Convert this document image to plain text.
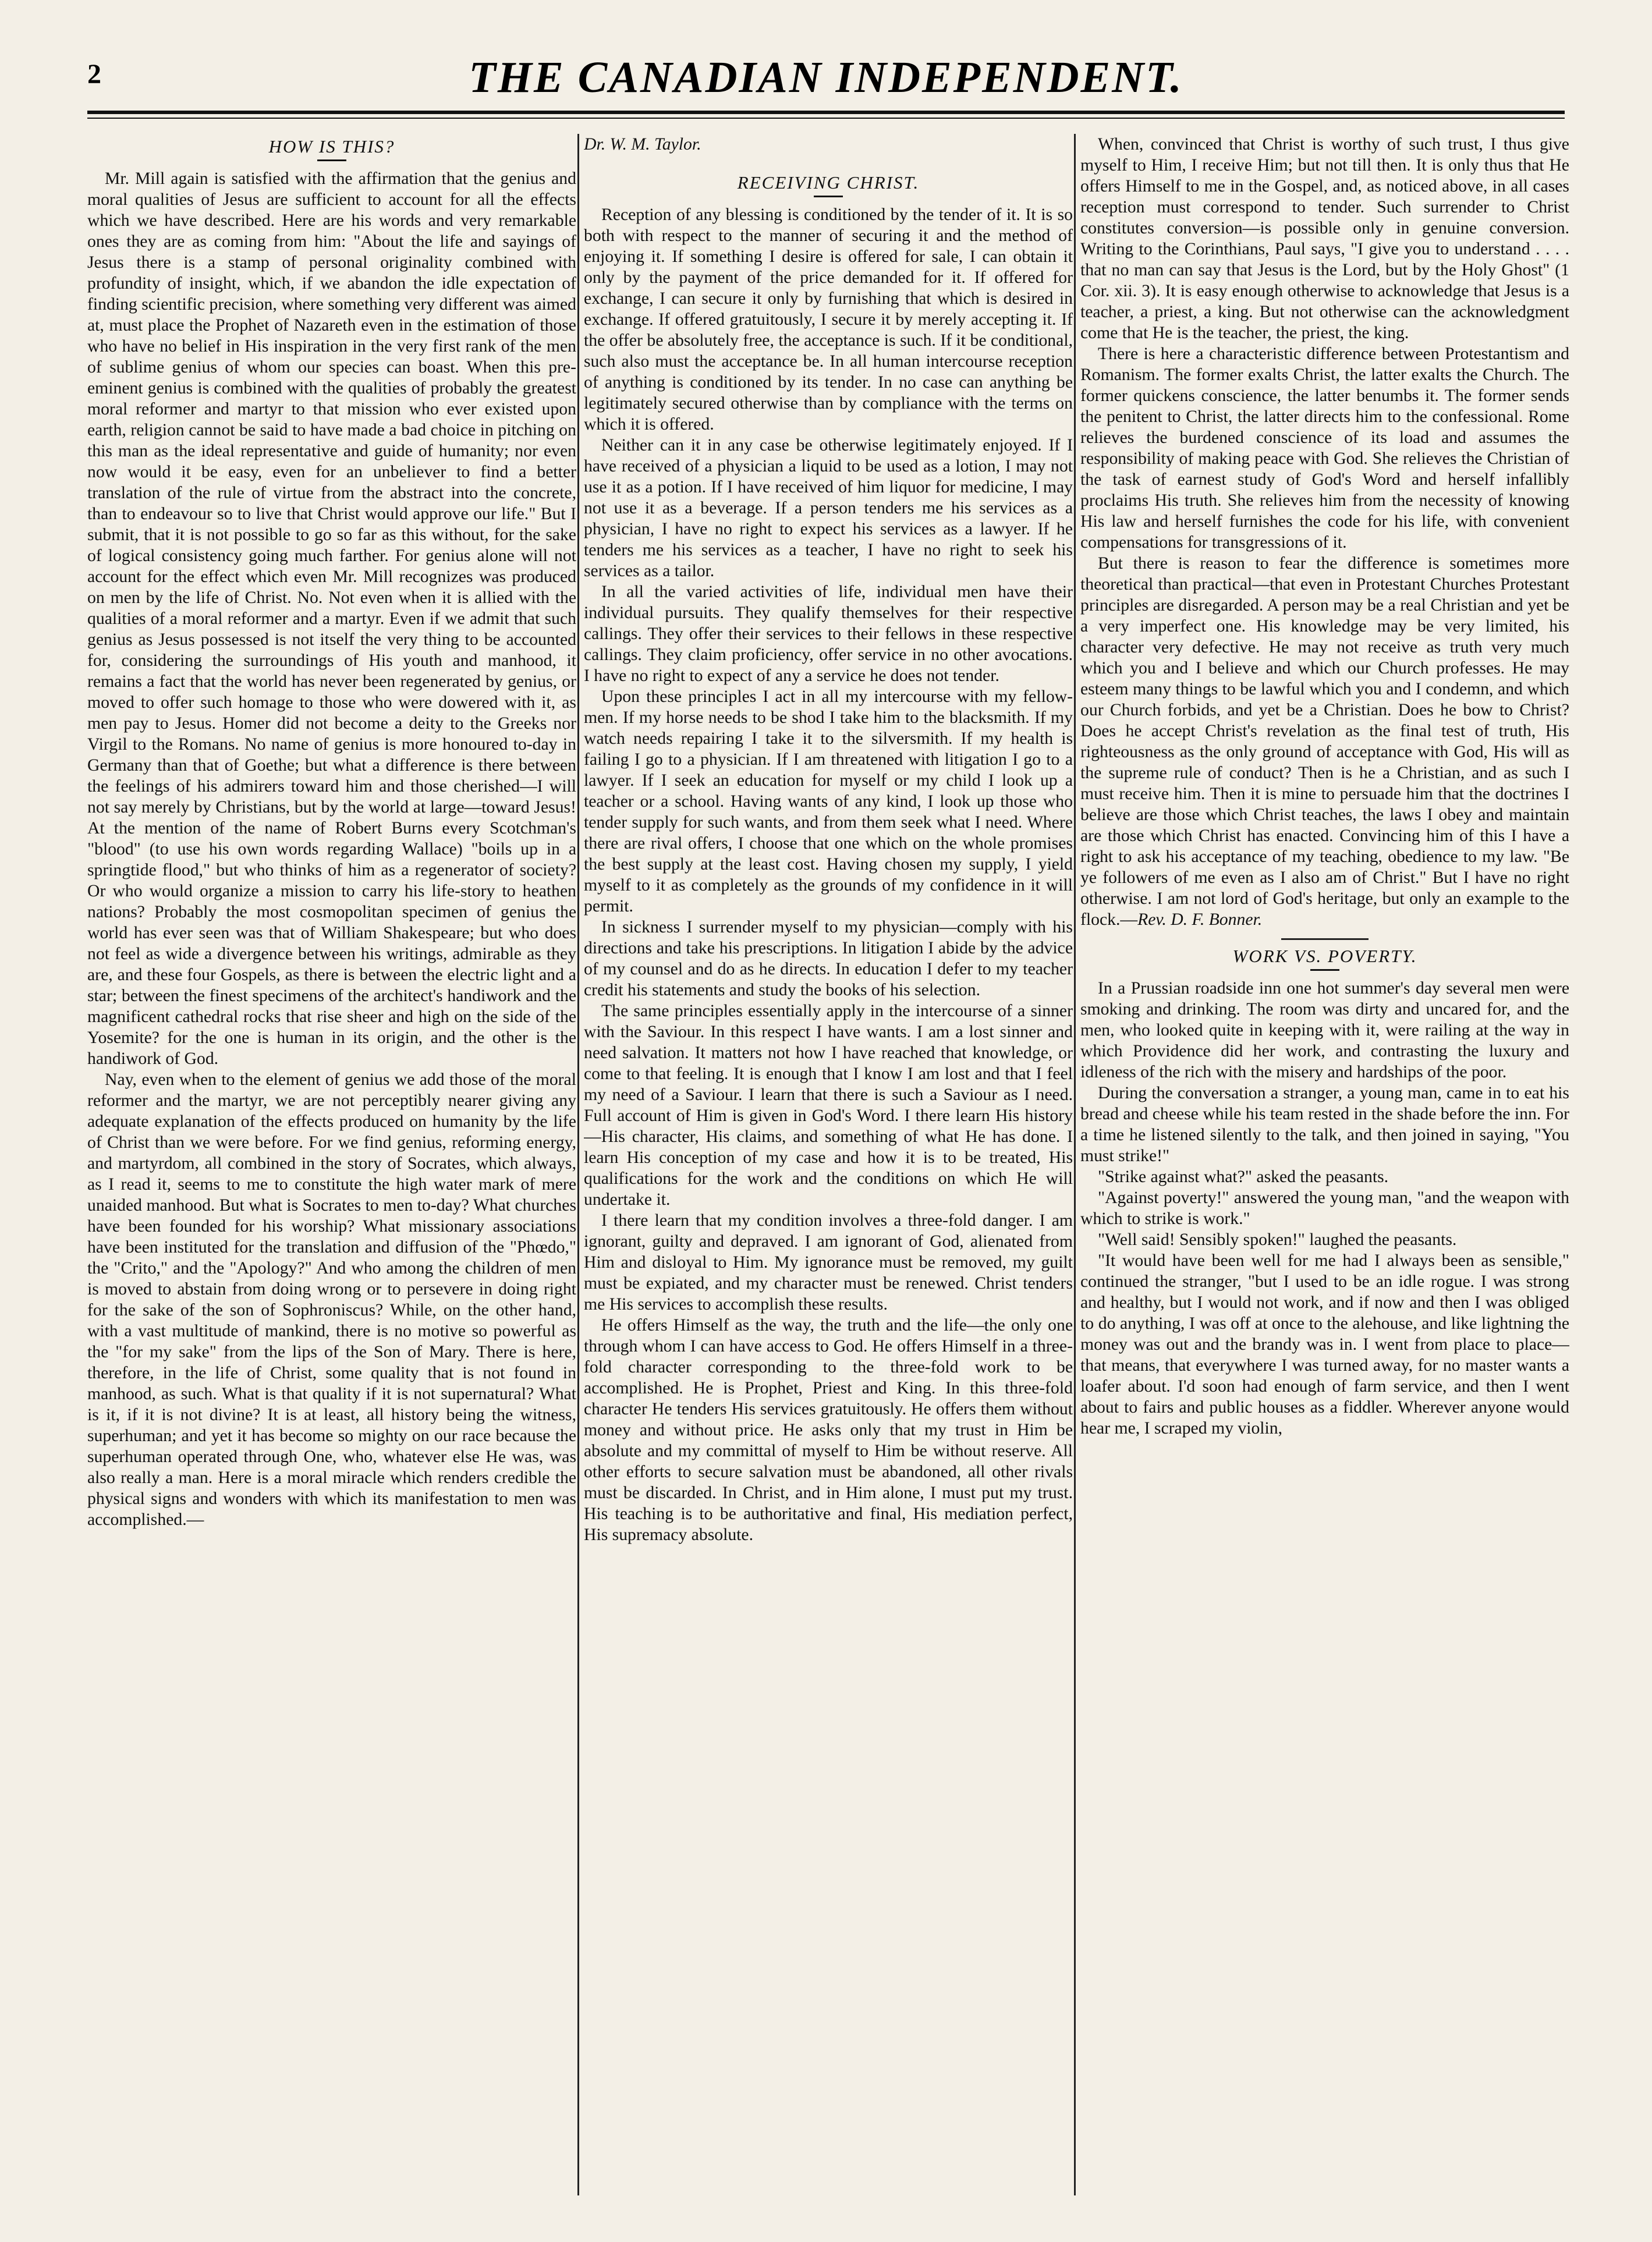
2	THE CANADIAN INDEPENDENT.
HOW IS THIS?

Mr. Mill again is satisfied with the affirmation that the genius and moral qualities of Jesus are sufficient to account for all the effects which we have described. Here are his words and very remarkable ones they are as coming from him: "About the life and sayings of Jesus there is a stamp of personal originality combined with profundity of insight, which, if we abandon the idle expectation of finding scientific precision, where something very different was aimed at, must place the Prophet of Nazareth even in the estimation of those who have no belief in His inspiration in the very first rank of the men of sublime genius of whom our species can boast. When this pre-eminent genius is combined with the qualities of probably the greatest moral reformer and martyr to that mission who ever existed upon earth, religion cannot be said to have made a bad choice in pitching on this man as the ideal representative and guide of humanity; nor even now would it be easy, even for an unbeliever to find a better translation of the rule of virtue from the abstract into the concrete, than to endeavour so to live that Christ would approve our life." But I submit, that it is not possible to go so far as this without, for the sake of logical consistency going much farther. For genius alone will not account for the effect which even Mr. Mill recognizes was produced on men by the life of Christ. No. Not even when it is allied with the qualities of a moral reformer and a martyr. Even if we admit that such genius as Jesus possessed is not itself the very thing to be accounted for, considering the surroundings of His youth and manhood, it remains a fact that the world has never been regenerated by genius, or moved to offer such homage to those who were dowered with it, as men pay to Jesus. Homer did not become a deity to the Greeks nor Virgil to the Romans. No name of genius is more honoured to-day in Germany than that of Goethe; but what a difference is there between the feelings of his admirers toward him and those cherished—I will not say merely by Christians, but by the world at large—toward Jesus! At the mention of the name of Robert Burns every Scotchman's "blood" (to use his own words regarding Wallace) "boils up in a springtide flood," but who thinks of him as a regenerator of society? Or who would organize a mission to carry his life-story to heathen nations? Probably the most cosmopolitan specimen of genius the world has ever seen was that of William Shakespeare; but who does not feel as wide a divergence between his writings, admirable as they are, and these four Gospels, as there is between the electric light and a star; between the finest specimens of the architect's handiwork and the magnificent cathedral rocks that rise sheer and high on the side of the Yosemite? for the one is human in its origin, and the other is the handiwork of God.

Nay, even when to the element of genius we add those of the moral reformer and the martyr, we are not perceptibly nearer giving any adequate explanation of the effects produced on humanity by the life of Christ than we were before. For we find genius, reforming energy, and martyrdom, all combined in the story of Socrates, which always, as I read it, seems to me to constitute the high water mark of mere unaided manhood. But what is Socrates to men to-day? What churches have been founded for his worship? What missionary associations have been instituted for the translation and diffusion of the "Phœdo," the "Crito," and the "Apology?" And who among the children of men is moved to abstain from doing wrong or to persevere in doing right for the sake of the son of Sophroniscus? While, on the other hand, with a vast multitude of mankind, there is no motive so powerful as the "for my sake" from the lips of the Son of Mary. There is here, therefore, in the life of Christ, some quality that is not found in manhood, as such. What is that quality if it is not supernatural? What is it, if it is not divine? It is at least, all history being the witness, superhuman; and yet it has become so mighty on our race because the superhuman operated through One, who, whatever else He was, was also really a man. Here is a moral miracle which renders credible the physical signs and wonders with which its manifestation to men was accomplished.—

Dr. W. M. Taylor.

RECEIVING CHRIST.

Reception of any blessing is conditioned by the tender of it. It is so both with respect to the manner of securing it and the method of enjoying it. If something I desire is offered for sale, I can obtain it only by the payment of the price demanded for it. If offered for exchange, I can secure it only by furnishing that which is desired in exchange. If offered gratuitously, I secure it by merely accepting it. If the offer be absolutely free, the acceptance is such. If it be conditional, such also must the acceptance be. In all human intercourse reception of anything is conditioned by its tender. In no case can anything be legitimately secured otherwise than by compliance with the terms on which it is offered.

Neither can it in any case be otherwise legitimately enjoyed. If I have received of a physician a liquid to be used as a lotion, I may not use it as a potion. If I have received of him liquor for medicine, I may not use it as a beverage. If a person tenders me his services as a physician, I have no right to expect his services as a lawyer. If he tenders me his services as a teacher, I have no right to seek his services as a tailor.

In all the varied activities of life, individual men have their individual pursuits. They qualify themselves for their respective callings. They offer their services to their fellows in these respective callings. They claim proficiency, offer service in no other avocations. I have no right to expect of any a service he does not tender.

Upon these principles I act in all my intercourse with my fellow-men. If my horse needs to be shod I take him to the blacksmith. If my watch needs repairing I take it to the silversmith. If my health is failing I go to a physician. If I am threatened with litigation I go to a lawyer. If I seek an education for myself or my child I look up a teacher or a school. Having wants of any kind, I look up those who tender supply for such wants, and from them seek what I need. Where there are rival offers, I choose that one which on the whole promises the best supply at the least cost. Having chosen my supply, I yield myself to it as completely as the grounds of my confidence in it will permit.

In sickness I surrender myself to my physician—comply with his directions and take his prescriptions. In litigation I abide by the advice of my counsel and do as he directs. In education I defer to my teacher credit his statements and study the books of his selection.

The same principles essentially apply in the intercourse of a sinner with the Saviour. In this respect I have wants. I am a lost sinner and need salvation. It matters not how I have reached that knowledge, or come to that feeling. It is enough that I know I am lost and that I feel my need of a Saviour. I learn that there is such a Saviour as I need. Full account of Him is given in God's Word. I there learn His history—His character, His claims, and something of what He has done. I learn His conception of my case and how it is to be treated, His qualifications for the work and the conditions on which He will undertake it.

I there learn that my condition involves a three-fold danger. I am ignorant, guilty and depraved. I am ignorant of God, alienated from Him and disloyal to Him. My ignorance must be removed, my guilt must be expiated, and my character must be renewed. Christ tenders me His services to accomplish these results.

He offers Himself as the way, the truth and the life—the only one through whom I can have access to God. He offers Himself in a three-fold character corresponding to the three-fold work to be accomplished. He is Prophet, Priest and King. In this three-fold character He tenders His services gratuitously. He offers them without money and without price. He asks only that my trust in Him be absolute and my committal of myself to Him be without reserve. All other efforts to secure salvation must be abandoned, all other rivals must be discarded. In Christ, and in Him alone, I must put my trust. His teaching is to be authoritative and final, His mediation perfect, His supremacy absolute.

When, convinced that Christ is worthy of such trust, I thus give myself to Him, I receive Him; but not till then. It is only thus that He offers Himself to me in the Gospel, and, as noticed above, in all cases reception must correspond to tender. Such surrender to Christ constitutes conversion—is possible only in genuine conversion. Writing to the Corinthians, Paul says, "I give you to understand . . . . that no man can say that Jesus is the Lord, but by the Holy Ghost" (1 Cor. xii. 3). It is easy enough otherwise to acknowledge that Jesus is a teacher, a priest, a king. But not otherwise can the acknowledgment come that He is the teacher, the priest, the king.

There is here a characteristic difference between Protestantism and Romanism. The former exalts Christ, the latter exalts the Church. The former quickens conscience, the latter benumbs it. The former sends the penitent to Christ, the latter directs him to the confessional. Rome relieves the burdened conscience of its load and assumes the responsibility of making peace with God. She relieves the Christian of the task of earnest study of God's Word and herself infallibly proclaims His truth. She relieves him from the necessity of knowing His law and herself furnishes the code for his life, with convenient compensations for transgressions of it.

But there is reason to fear the difference is sometimes more theoretical than practical—that even in Protestant Churches Protestant principles are disregarded. A person may be a real Christian and yet be a very imperfect one. His knowledge may be very limited, his character very defective. He may not receive as truth very much which you and I believe and which our Church professes. He may esteem many things to be lawful which you and I condemn, and which our Church forbids, and yet be a Christian. Does he bow to Christ? Does he accept Christ's revelation as the final test of truth, His righteousness as the only ground of acceptance with God, His will as the supreme rule of conduct? Then is he a Christian, and as such I must receive him. Then it is mine to persuade him that the doctrines I believe are those which Christ teaches, the laws I obey and maintain are those which Christ has enacted. Convincing him of this I have a right to ask his acceptance of my teaching, obedience to my law. "Be ye followers of me even as I also am of Christ." But I have no right otherwise. I am not lord of God's heritage, but only an example to the flock.—Rev. D. F. Bonner.

WORK VS. POVERTY.

In a Prussian roadside inn one hot summer's day several men were smoking and drinking. The room was dirty and uncared for, and the men, who looked quite in keeping with it, were railing at the way in which Providence did her work, and contrasting the luxury and idleness of the rich with the misery and hardships of the poor.

During the conversation a stranger, a young man, came in to eat his bread and cheese while his team rested in the shade before the inn. For a time he listened silently to the talk, and then joined in saying, "You must strike!"

"Strike against what?" asked the peasants.

"Against poverty!" answered the young man, "and the weapon with which to strike is work."

"Well said! Sensibly spoken!" laughed the peasants.

"It would have been well for me had I always been as sensible," continued the stranger, "but I used to be an idle rogue. I was strong and healthy, but I would not work, and if now and then I was obliged to do anything, I was off at once to the alehouse, and like lightning the money was out and the brandy was in. I went from place to place—that means, that everywhere I was turned away, for no master wants a loafer about. I'd soon had enough of farm service, and then I went about to fairs and public houses as a fiddler. Wherever anyone would hear me, I scraped my violin,
